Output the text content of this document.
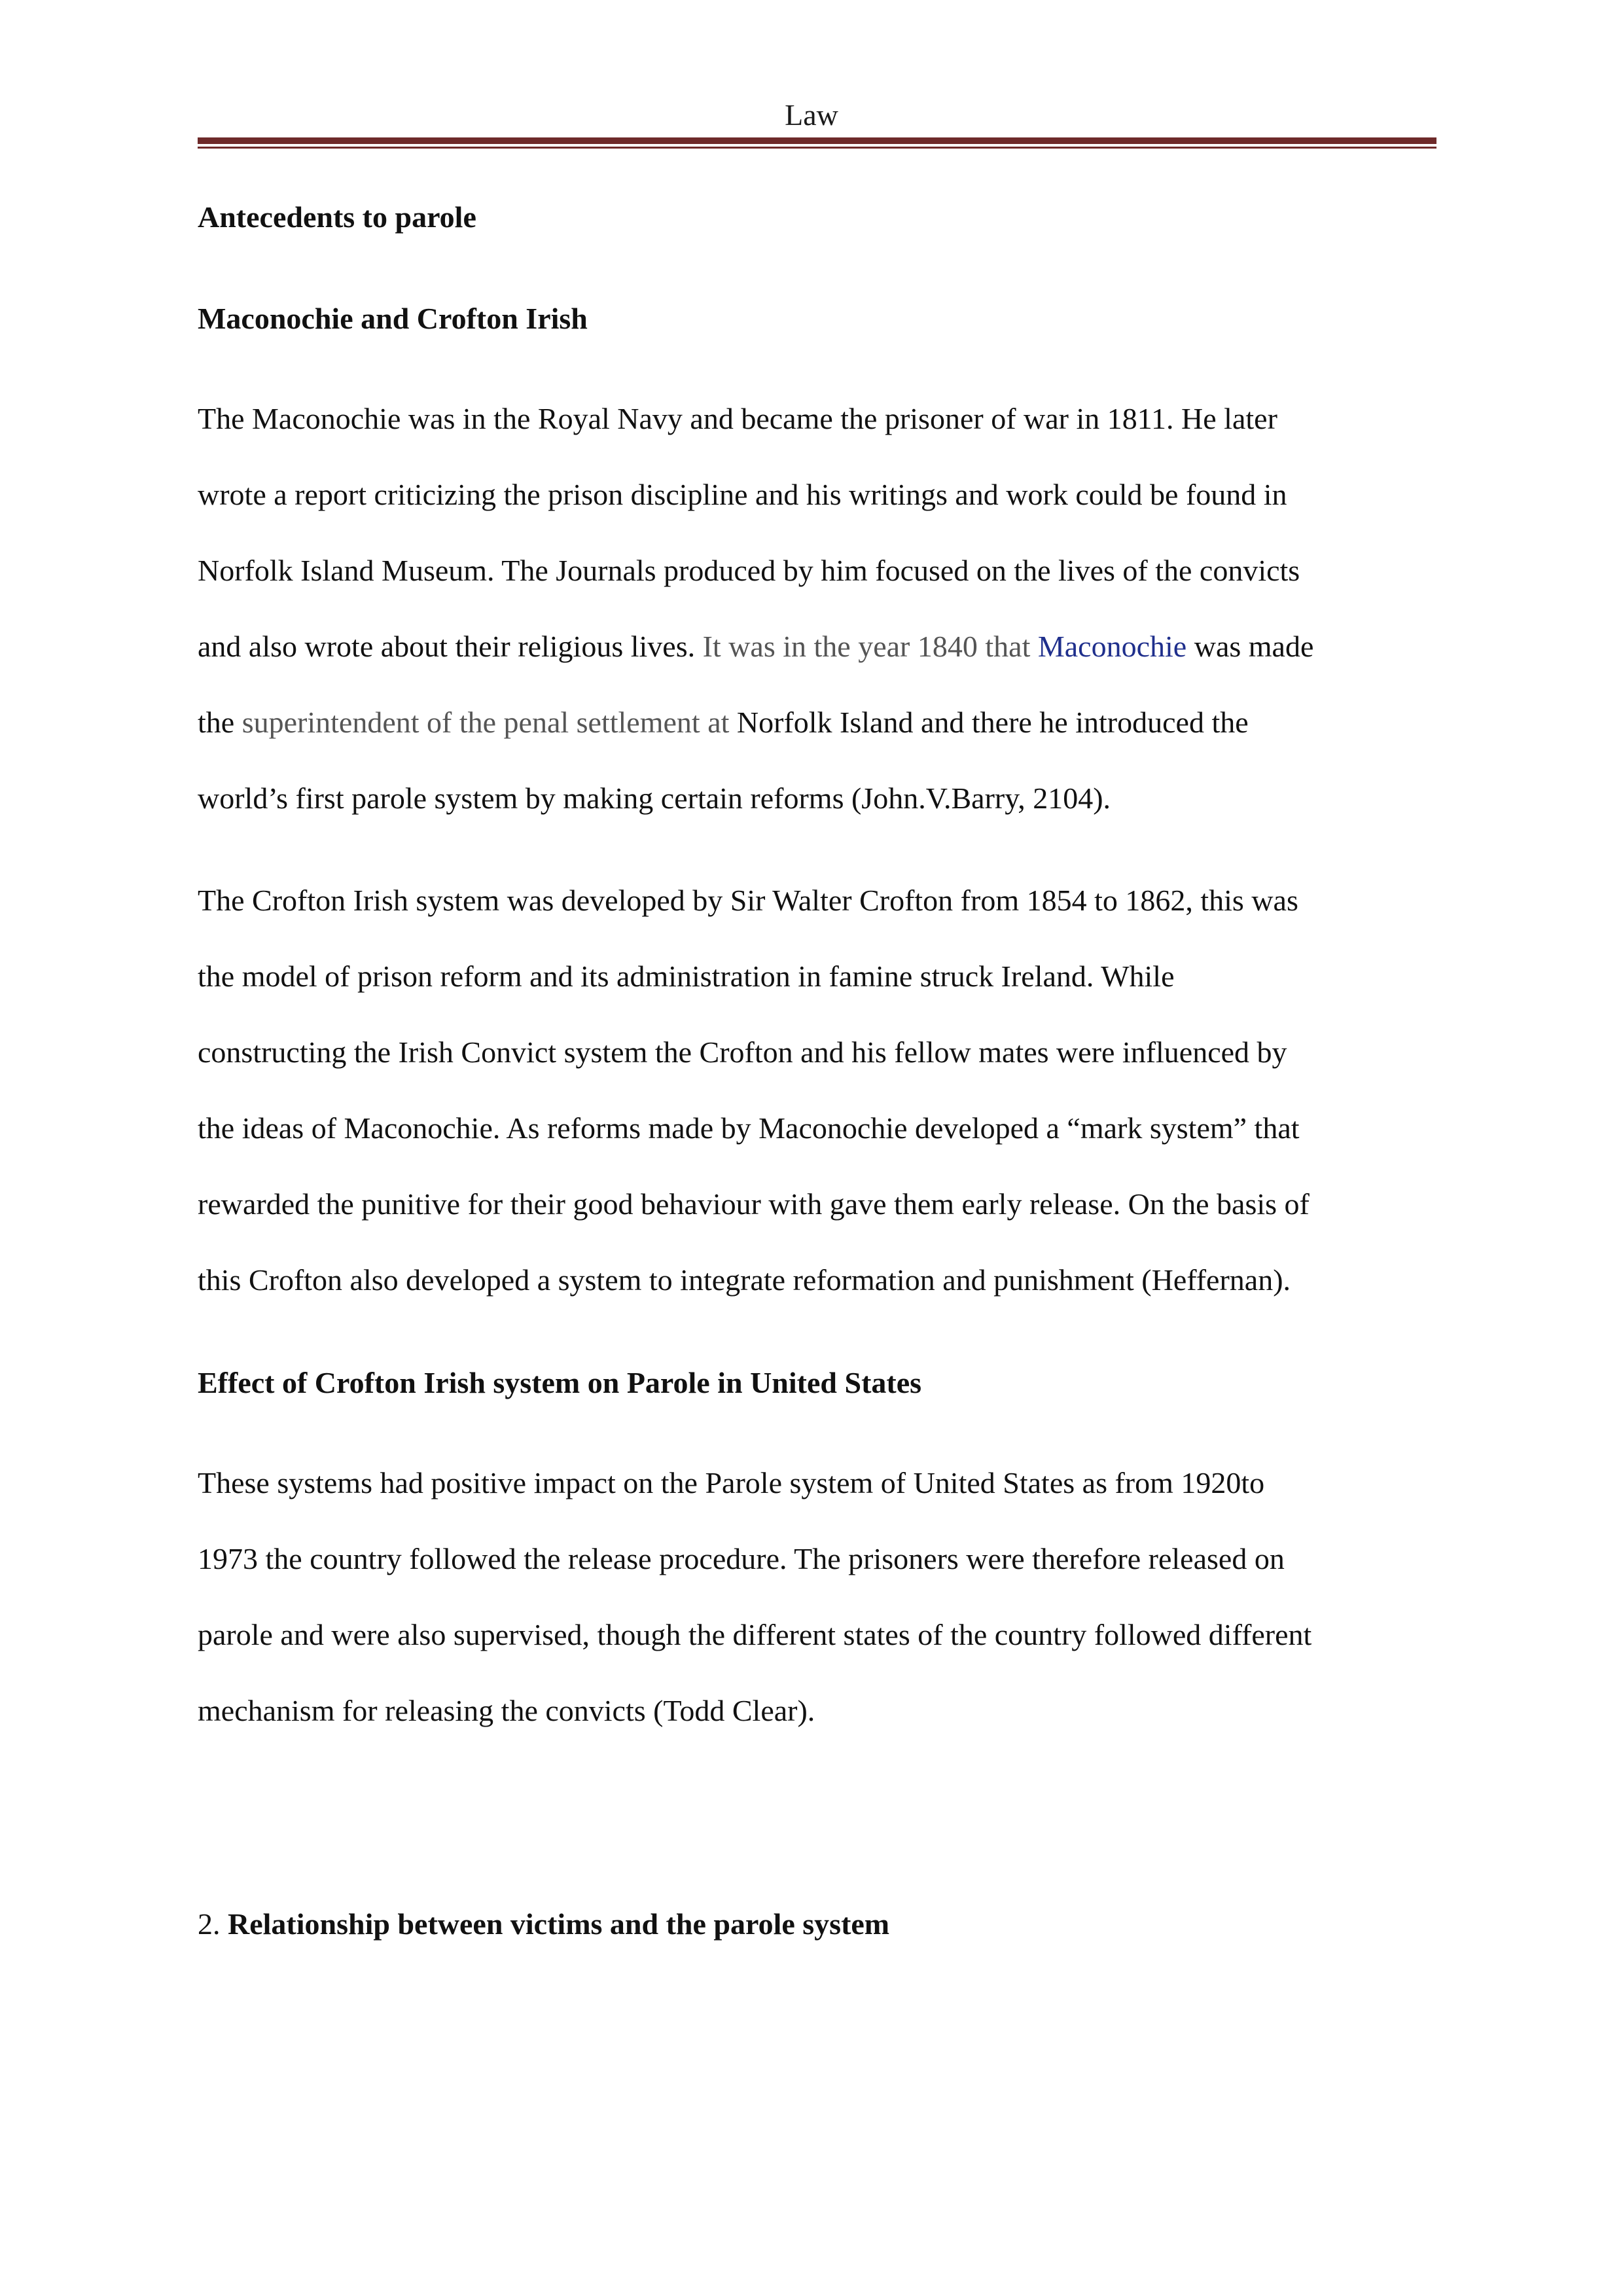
Law
Antecedents to parole
Maconochie and Crofton Irish
The Maconochie was in the Royal Navy and became the prisoner of war in 1811. He later
wrote a report criticizing the prison discipline and his writings and work could be found in
Norfolk Island Museum. The Journals produced by him focused on the lives of the convicts
and also wrote about their religious lives. It was in the year 1840 that Maconochie was made
the superintendent of the penal settlement at Norfolk Island and there he introduced the
world’s first parole system by making certain reforms (John.V.Barry, 2104).
The Crofton Irish system was developed by Sir Walter Crofton from 1854 to 1862, this was
the model of prison reform and its administration in famine struck Ireland. While
constructing the Irish Convict system the Crofton and his fellow mates were influenced by
the ideas of Maconochie. As reforms made by Maconochie developed a “mark system” that
rewarded the punitive for their good behaviour with gave them early release. On the basis of
this Crofton also developed a system to integrate reformation and punishment (Heffernan).
Effect of Crofton Irish system on Parole in United States
These systems had positive impact on the Parole system of United States as from 1920to
1973 the country followed the release procedure. The prisoners were therefore released on
parole and were also supervised, though the different states of the country followed different
mechanism for releasing the convicts (Todd Clear).
2. Relationship between victims and the parole system
